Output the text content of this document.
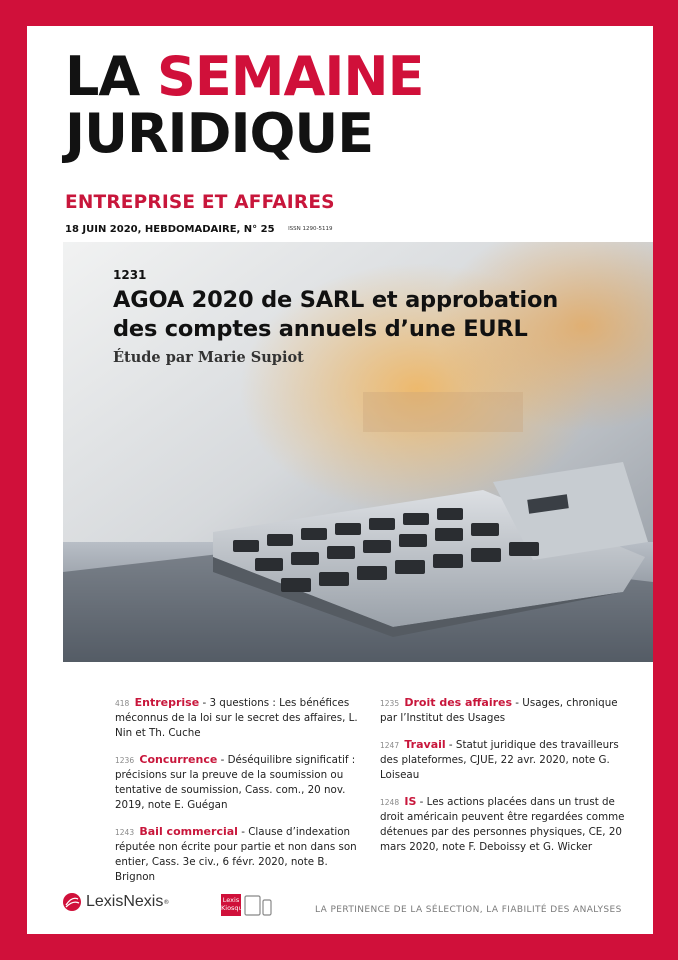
LA SEMAINE
JURIDIQUE
ENTREPRISE ET AFFAIRES
18 JUIN 2020, HEBDOMADAIRE, N° 25 ISSN 1290-5119
1231
AGOA 2020 de SARL et approbation
des comptes annuels d’une EURL
Étude par Marie Supiot
418 Entreprise - 3 questions : Les bénéfices méconnus de la loi sur le secret des affaires, L. Nin et Th. Cuche
1236 Concurrence - Déséquilibre significatif : précisions sur la preuve de la soumission ou tentative de soumission, Cass. com., 20 nov. 2019, note E. Guégan
1243 Bail commercial - Clause d’indexation réputée non écrite pour partie et non dans son entier, Cass. 3e civ., 6 févr. 2020, note B. Brignon
1235 Droit des affaires - Usages, chronique par l’Institut des Usages
1247 Travail - Statut juridique des travailleurs des plateformes, CJUE, 22 avr. 2020, note G. Loiseau
1248 IS - Les actions placées dans un trust de droit américain peuvent être regardées comme détenues par des personnes physiques, CE, 20 mars 2020, note F. Deboissy et G. Wicker
LexisNexis ®	Lexis
Kiosque	LA PERTINENCE DE LA SÉLECTION, LA FIABILITÉ DES ANALYSES
